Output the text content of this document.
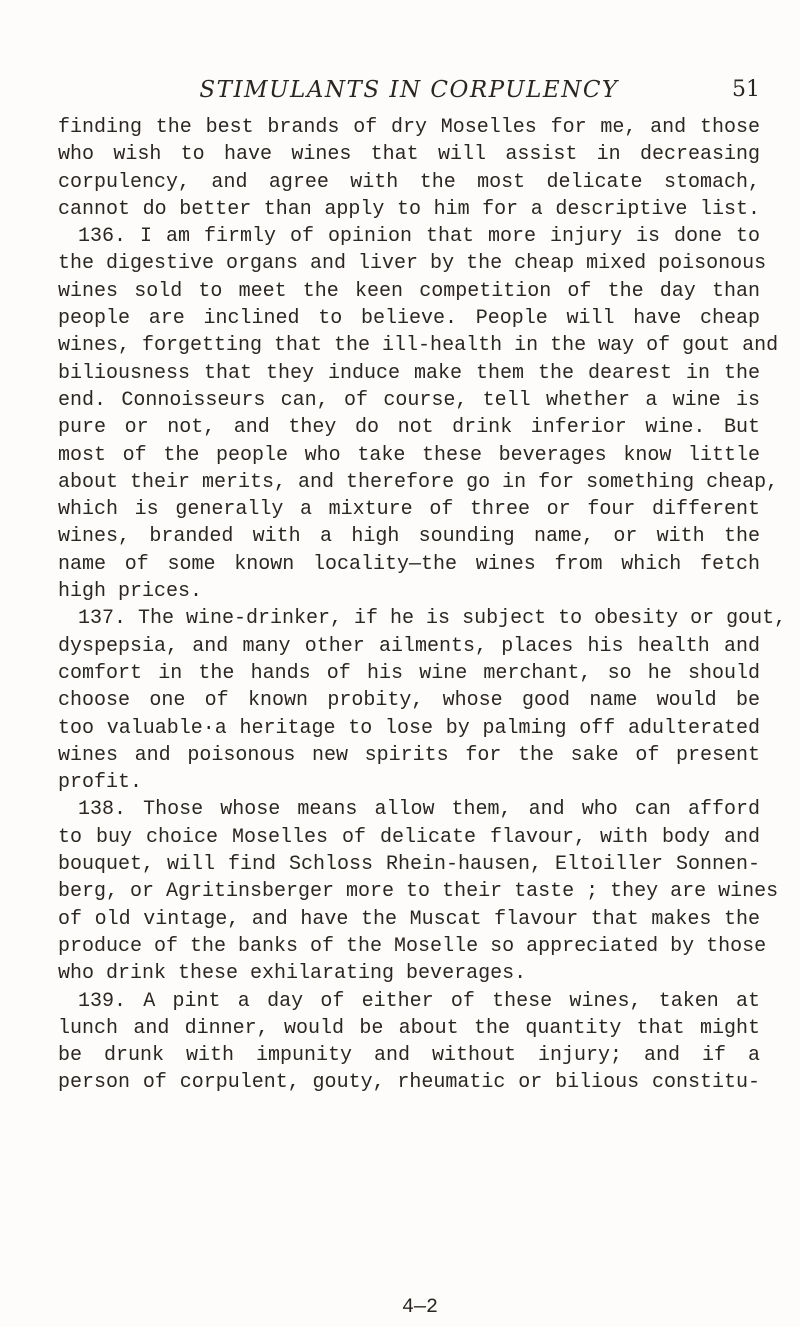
STIMULANTS IN CORPULENCY	51
finding the best brands of dry Moselles for me, and those
who wish to have wines that will assist in decreasing
corpulency, and agree with the most delicate stomach,
cannot do better than apply to him for a descriptive list.
136. I am firmly of opinion that more injury is done to
the digestive organs and liver by the cheap mixed poisonous
wines sold to meet the keen competition of the day than
people are inclined to believe. People will have cheap
wines, forgetting that the ill-health in the way of gout and
biliousness that they induce make them the dearest in the
end. Connoisseurs can, of course, tell whether a wine is
pure or not, and they do not drink inferior wine. But
most of the people who take these beverages know little
about their merits, and therefore go in for something cheap,
which is generally a mixture of three or four different
wines, branded with a high sounding name, or with the
name of some known locality—the wines from which fetch
high prices.
137. The wine-drinker, if he is subject to obesity or gout,
dyspepsia, and many other ailments, places his health and
comfort in the hands of his wine merchant, so he should
choose one of known probity, whose good name would be
too valuable·a heritage to lose by palming off adulterated
wines and poisonous new spirits for the sake of present
profit.
138. Those whose means allow them, and who can afford
to buy choice Moselles of delicate flavour, with body and
bouquet, will find Schloss Rhein-hausen, Eltoiller Sonnen-
berg, or Agritinsberger more to their taste ; they are wines
of old vintage, and have the Muscat flavour that makes the
produce of the banks of the Moselle so appreciated by those
who drink these exhilarating beverages.
139. A pint a day of either of these wines, taken at
lunch and dinner, would be about the quantity that might
be drunk with impunity and without injury; and if a
person of corpulent, gouty, rheumatic or bilious constitu-
4—2
